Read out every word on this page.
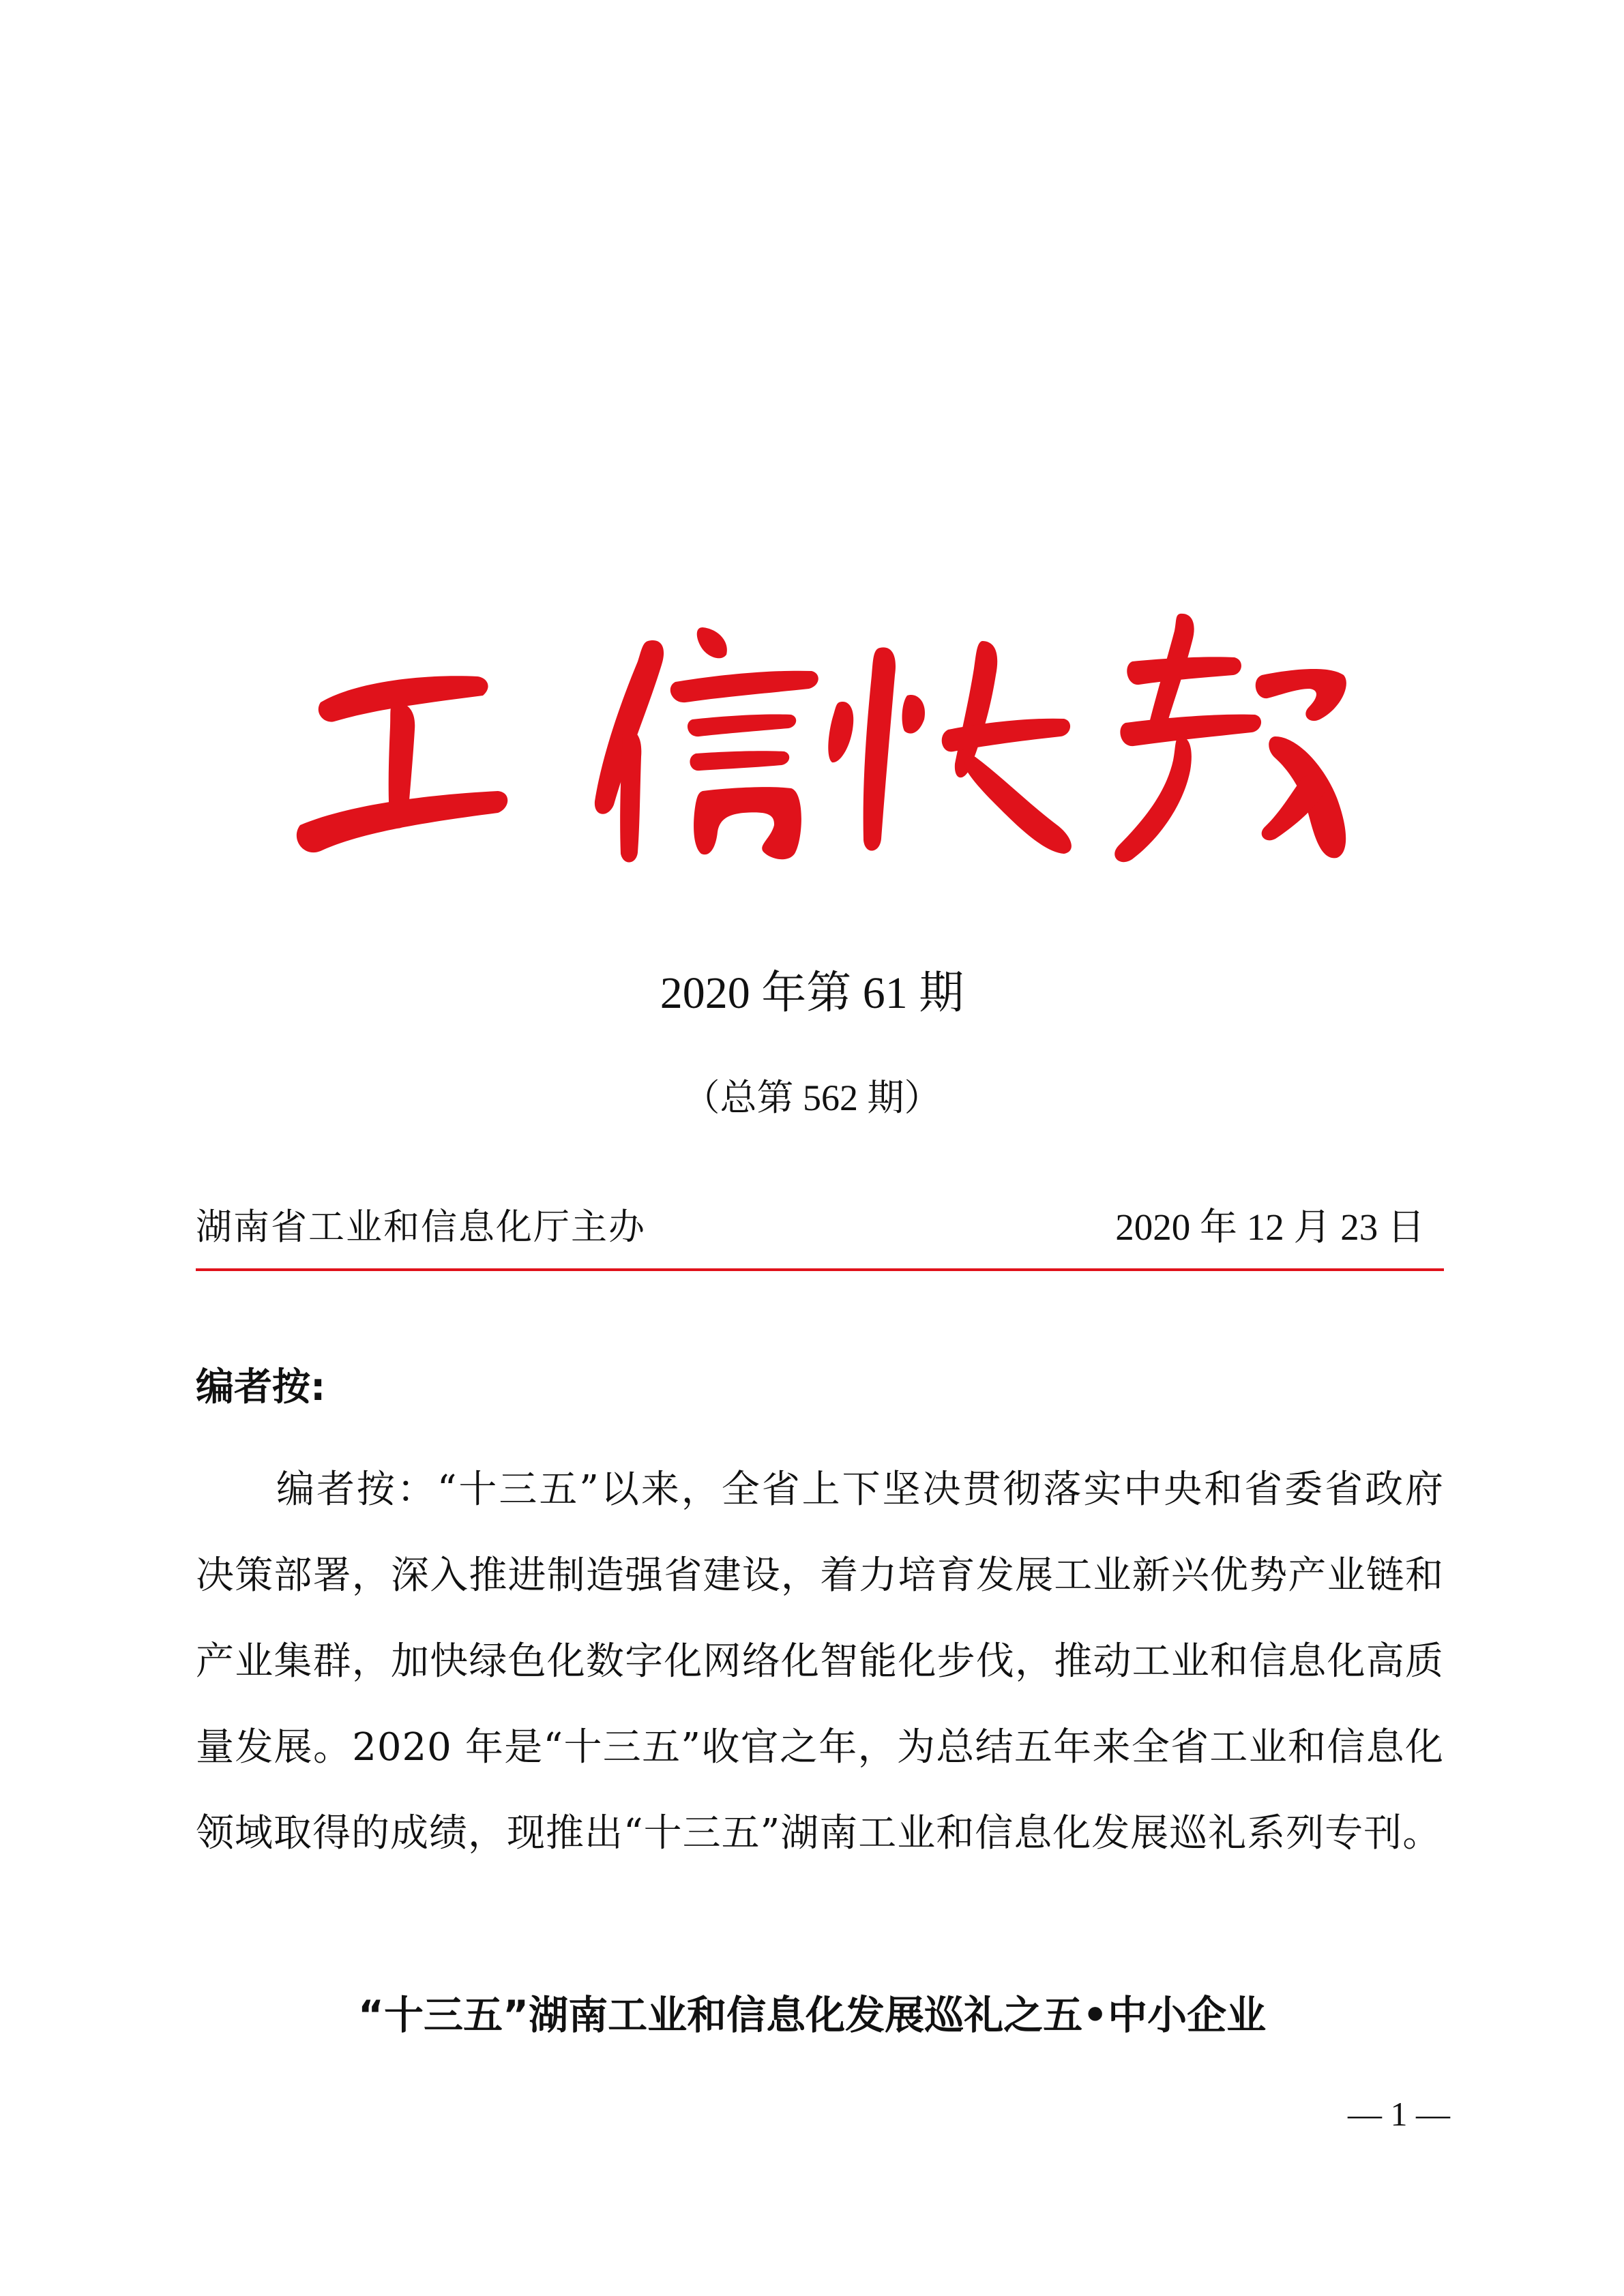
2020 年第 61 期
（总第 562 期）
湖南省工业和信息化厅主办	2020 年 12 月 23 日
编者按:
编者按：“十三五”以来，全省上下坚决贯彻落实中央和省委省政府决策部署，深入推进制造强省建设，着力培育发展工业新兴优势产业链和产业集群，加快绿色化数字化网络化智能化步伐，推动工业和信息化高质量发展。2020 年是“十三五”收官之年，为总结五年来全省工业和信息化领域取得的成绩，现推出“十三五”湖南工业和信息化发展巡礼系列专刊。
“十三五”湖南工业和信息化发展巡礼之五•中小企业
— 1 —
